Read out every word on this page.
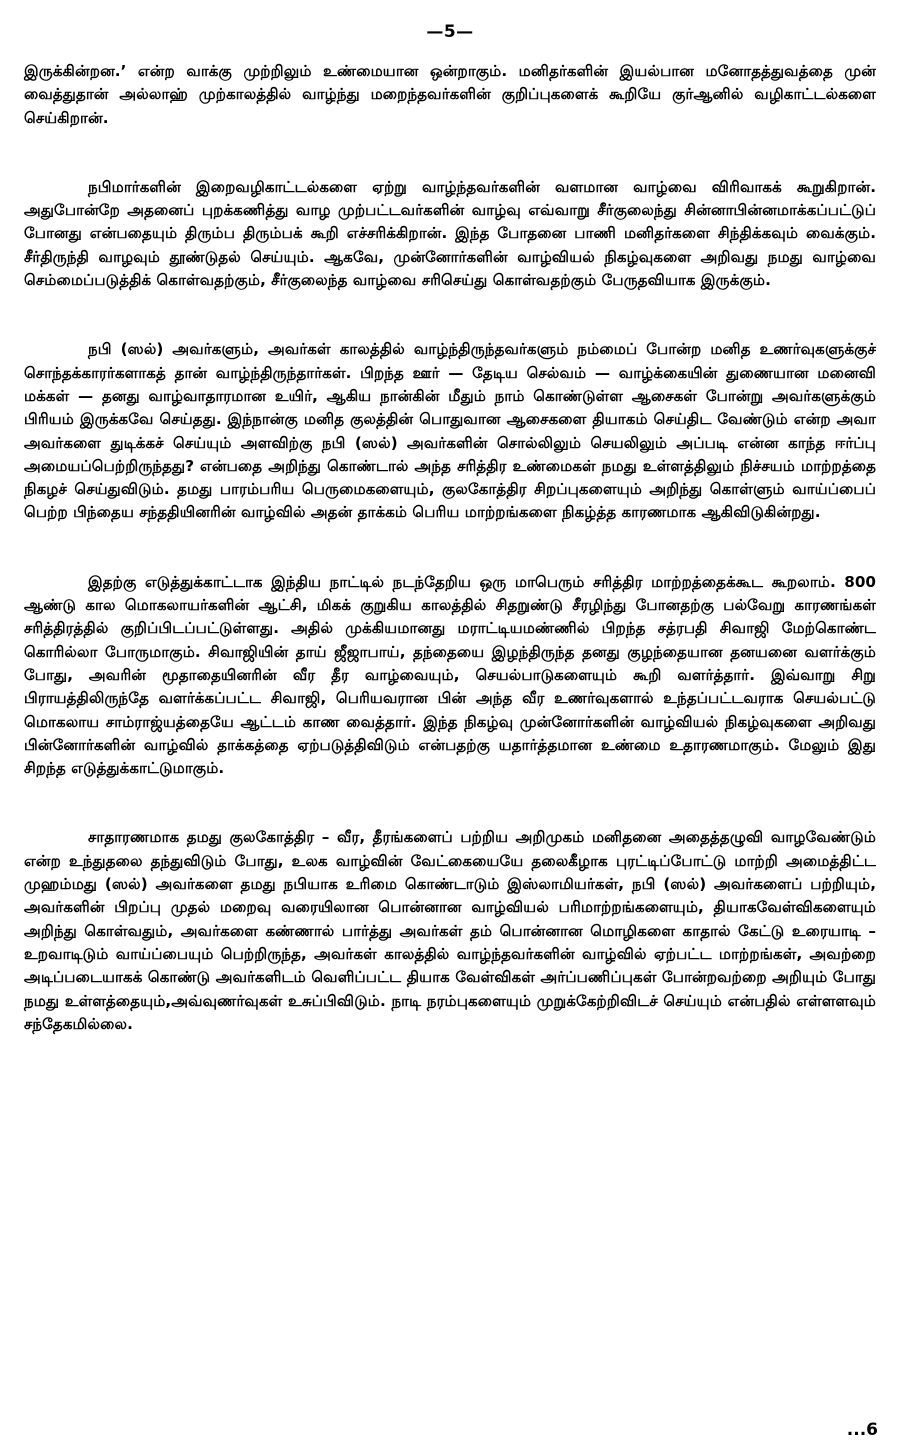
—5—

இருக்கின்றன.’ என்ற வாக்கு முற்றிலும் உண்மையான ஒன்றாகும். மனிதர்களின் இயல்பான மனோதத்துவத்தை முன் வைத்துதான் அல்லாஹ் முற்காலத்தில் வாழ்ந்து மறைந்தவர்களின் குறிப்புகளைக் கூறியே குர்ஆனில் வழிகாட்டல்களை செய்கிறான்.

நபிமார்களின் இறைவழிகாட்டல்களை ஏற்று வாழ்ந்தவர்களின் வளமான வாழ்வை விரிவாகக் கூறுகிறான். அதுபோன்றே அதனைப் புறக்கணித்து வாழ முற்பட்டவர்களின் வாழ்வு எவ்வாறு சீர்குலைந்து சின்னாபின்னமாக்கப்பட்டுப் போனது என்பதையும் திரும்ப திரும்பக் கூறி எச்சரிக்கிறான். இந்த போதனை பாணி மனிதர்களை சிந்திக்கவும் வைக்கும். சீர்திருந்தி வாழவும் தூண்டுதல் செய்யும். ஆகவே, முன்னோர்களின் வாழ்வியல் நிகழ்வுகளை அறிவது நமது வாழ்வை செம்மைப்படுத்திக் கொள்வதற்கும், சீர்குலைந்த வாழ்வை சரிசெய்து கொள்வதற்கும் பேருதவியாக இருக்கும்.

நபி (ஸல்) அவர்களும், அவர்கள் காலத்தில் வாழ்ந்திருந்தவர்களும் நம்மைப் போன்ற மனித உணர்வுகளுக்குச் சொந்தக்காரர்களாகத் தான் வாழ்ந்திருந்தார்கள். பிறந்த ஊர் — தேடிய செல்வம் — வாழ்க்கையின் துணையான மனைவி மக்கள் — தனது வாழ்வாதாரமான உயிர், ஆகிய நான்கின் மீதும் நாம் கொண்டுள்ள ஆசைகள் போன்று அவர்களுக்கும் பிரியம் இருக்கவே செய்தது. இந்நான்கு மனித குலத்தின் பொதுவான ஆசைகளை தியாகம் செய்திட வேண்டும் என்ற அவா அவர்களை துடிக்கச் செய்யும் அளவிற்கு நபி (ஸல்) அவர்களின் சொல்லிலும் செயலிலும் அப்படி என்ன காந்த ஈர்ப்பு அமையப்பெற்றிருந்தது? என்பதை அறிந்து கொண்டால் அந்த சரித்திர உண்மைகள் நமது உள்ளத்திலும் நிச்சயம் மாற்றத்தை நிகழச் செய்துவிடும். தமது பாரம்பரிய பெருமைகளையும், குலகோத்திர சிறப்புகளையும் அறிந்து கொள்ளும் வாய்ப்பைப் பெற்ற பிந்தைய சந்ததியினரின் வாழ்வில் அதன் தாக்கம் பெரிய மாற்றங்களை நிகழ்த்த காரணமாக ஆகிவிடுகின்றது.

இதற்கு எடுத்துக்காட்டாக இந்திய நாட்டில் நடந்தேறிய ஒரு மாபெரும் சரித்திர மாற்றத்தைக்கூட கூறலாம். 800 ஆண்டு கால மொகலாயர்களின் ஆட்சி, மிகக் குறுகிய காலத்தில் சிதறுண்டு சீரழிந்து போனதற்கு பல்வேறு காரணங்கள் சரித்திரத்தில் குறிப்பிடப்பட்டுள்ளது. அதில் முக்கியமானது மராட்டியமண்ணில் பிறந்த சத்ரபதி சிவாஜி மேற்கொண்ட கொரில்லா போருமாகும். சிவாஜியின் தாய் ஜீஜாபாய், தந்தையை இழந்திருந்த தனது குழந்தையான தனயனை வளர்க்கும் போது, அவரின் மூதாதையினரின் வீர தீர வாழ்வையும், செயல்பாடுகளையும் கூறி வளர்த்தார். இவ்வாறு சிறு பிராயத்திலிருந்தே வளர்க்கப்பட்ட சிவாஜி, பெரியவரான பின் அந்த வீர உணர்வுகளால் உந்தப்பட்டவராக செயல்பட்டு மொகலாய சாம்ராஜ்யத்தையே ஆட்டம் காண வைத்தார். இந்த நிகழ்வு முன்னோர்களின் வாழ்வியல் நிகழ்வுகளை அறிவது பின்னோர்களின் வாழ்வில் தாக்கத்தை ஏற்படுத்திவிடும் என்பதற்கு யதார்த்தமான உண்மை உதாரணமாகும். மேலும் இது சிறந்த எடுத்துக்காட்டுமாகும்.

சாதாரணமாக தமது குலகோத்திர – வீர, தீரங்களைப் பற்றிய அறிமுகம் மனிதனை அதைத்தழுவி வாழவேண்டும் என்ற உந்துதலை தந்துவிடும் போது, உலக வாழ்வின் வேட்கையையே தலைகீழாக புரட்டிப்போட்டு மாற்றி அமைத்திட்ட முஹம்மது (ஸல்) அவர்களை தமது நபியாக உரிமை கொண்டாடும் இஸ்லாமியர்கள், நபி (ஸல்) அவர்களைப் பற்றியும், அவர்களின் பிறப்பு முதல் மறைவு வரையிலான பொன்னான வாழ்வியல் பரிமாற்றங்களையும், தியாகவேள்விகளையும் அறிந்து கொள்வதும், அவர்களை கண்ணால் பார்த்து அவர்கள் தம் பொன்னான மொழிகளை காதால் கேட்டு உரையாடி – உறவாடிடும் வாய்ப்பையும் பெற்றிருந்த, அவர்கள் காலத்தில் வாழ்ந்தவர்களின் வாழ்வில் ஏற்பட்ட மாற்றங்கள், அவற்றை அடிப்படையாகக் கொண்டு அவர்களிடம் வெளிப்பட்ட தியாக வேள்விகள் அர்ப்பணிப்புகள் போன்றவற்றை அறியும் போது நமது உள்ளத்தையும்,அவ்வுணர்வுகள் உசுப்பிவிடும். நாடி நரம்புகளையும் முறுக்கேற்றிவிடச் செய்யும் என்பதில் எள்ளளவும் சந்தேகமில்லை.

...6
